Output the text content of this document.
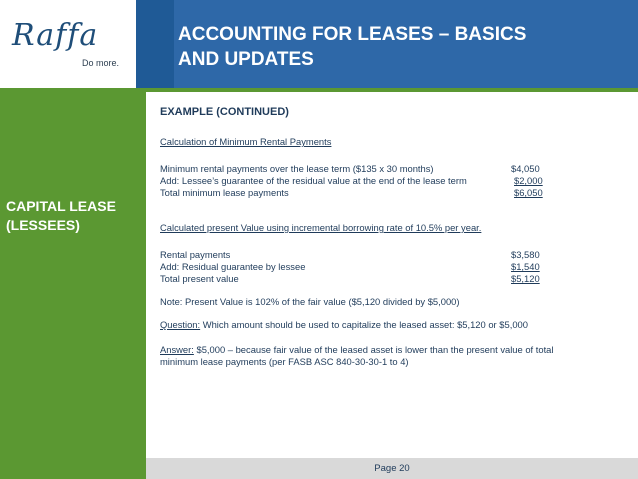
Raffa
Do more.
ACCOUNTING FOR LEASES – BASICS
AND UPDATES
CAPITAL LEASE
(LESSEES)
EXAMPLE (CONTINUED)
Calculation of Minimum Rental Payments
Minimum rental payments over the lease term ($135 x 30 months)	$4,050
Add: Lessee’s guarantee of the residual value at the end of the lease term	$2,000
Total minimum lease payments	$6,050
Calculated present Value using incremental borrowing rate of 10.5% per year.
Rental payments	$3,580
Add: Residual guarantee by lessee	$1,540
Total present value	$5,120
Note: Present Value is 102% of the fair value ($5,120 divided by $5,000)
Question: Which amount should be used to capitalize the leased asset: $5,120 or $5,000
Answer: $5,000 – because fair value of the leased asset is lower than the present value of total
minimum lease payments (per FASB ASC 840-30-30-1 to 4)
Page 20
